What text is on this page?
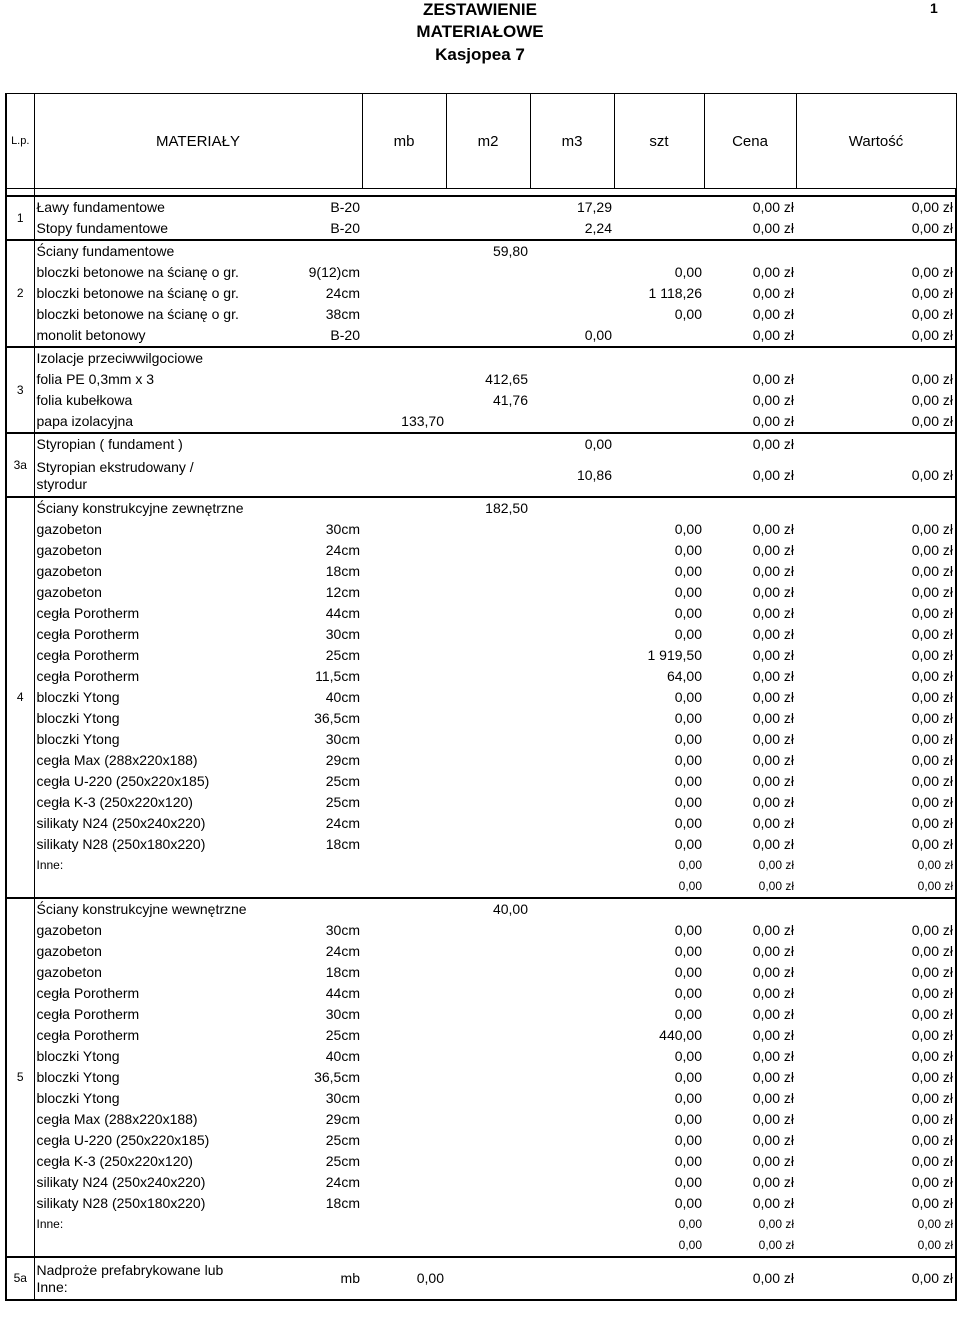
ZESTAWIENIE
MATERIAŁOWE
Kasjopea 7
1
L.p.	MATERIAŁY		mb	m2	m3	szt	Cena	Wartość

1	Ławy fundamentowe	B-20			17,29		0,00 zł	0,00 zł
	Stopy fundamentowe	B-20			2,24		0,00 zł	0,00 zł
2	Ściany fundamentowe			59,80				
	bloczki betonowe na ścianę o gr.	9(12)cm				0,00	0,00 zł	0,00 zł
	bloczki betonowe na ścianę o gr.	24cm				1 118,26	0,00 zł	0,00 zł
	bloczki betonowe na ścianę o gr.	38cm				0,00	0,00 zł	0,00 zł
	monolit betonowy	B-20			0,00		0,00 zł	0,00 zł
3	Izolacje przeciwwilgociowe							
	folia PE 0,3mm x 3			412,65			0,00 zł	0,00 zł
	folia kubełkowa			41,76			0,00 zł	0,00 zł
	papa izolacyjna		133,70				0,00 zł	0,00 zł
3a	Styropian ( fundament )				0,00		0,00 zł	
	Styropian ekstrudowany /
styrodur				10,86		0,00 zł	0,00 zł
4	Ściany konstrukcyjne zewnętrzne			182,50				
	gazobeton	30cm				0,00	0,00 zł	0,00 zł
	gazobeton	24cm				0,00	0,00 zł	0,00 zł
	gazobeton	18cm				0,00	0,00 zł	0,00 zł
	gazobeton	12cm				0,00	0,00 zł	0,00 zł
	cegła Porotherm	44cm				0,00	0,00 zł	0,00 zł
	cegła Porotherm	30cm				0,00	0,00 zł	0,00 zł
	cegła Porotherm	25cm				1 919,50	0,00 zł	0,00 zł
	cegła Porotherm	11,5cm				64,00	0,00 zł	0,00 zł
	bloczki Ytong	40cm				0,00	0,00 zł	0,00 zł
	bloczki Ytong	36,5cm				0,00	0,00 zł	0,00 zł
	bloczki Ytong	30cm				0,00	0,00 zł	0,00 zł
	cegła Max (288x220x188)	29cm				0,00	0,00 zł	0,00 zł
	cegła U-220 (250x220x185)	25cm				0,00	0,00 zł	0,00 zł
	cegła K-3 (250x220x120)	25cm				0,00	0,00 zł	0,00 zł
	silikaty N24 (250x240x220)	24cm				0,00	0,00 zł	0,00 zł
	silikaty N28 (250x180x220)	18cm				0,00	0,00 zł	0,00 zł
	Inne:					0,00	0,00 zł	0,00 zł
						0,00	0,00 zł	0,00 zł
5	Ściany konstrukcyjne wewnętrzne			40,00				
	gazobeton	30cm				0,00	0,00 zł	0,00 zł
	gazobeton	24cm				0,00	0,00 zł	0,00 zł
	gazobeton	18cm				0,00	0,00 zł	0,00 zł
	cegła Porotherm	44cm				0,00	0,00 zł	0,00 zł
	cegła Porotherm	30cm				0,00	0,00 zł	0,00 zł
	cegła Porotherm	25cm				440,00	0,00 zł	0,00 zł
	bloczki Ytong	40cm				0,00	0,00 zł	0,00 zł
	bloczki Ytong	36,5cm				0,00	0,00 zł	0,00 zł
	bloczki Ytong	30cm				0,00	0,00 zł	0,00 zł
	cegła Max (288x220x188)	29cm				0,00	0,00 zł	0,00 zł
	cegła U-220 (250x220x185)	25cm				0,00	0,00 zł	0,00 zł
	cegła K-3 (250x220x120)	25cm				0,00	0,00 zł	0,00 zł
	silikaty N24 (250x240x220)	24cm				0,00	0,00 zł	0,00 zł
	silikaty N28 (250x180x220)	18cm				0,00	0,00 zł	0,00 zł
	Inne:					0,00	0,00 zł	0,00 zł
						0,00	0,00 zł	0,00 zł
5a	Nadproże prefabrykowane lub
Inne:	mb	0,00				0,00 zł	0,00 zł
